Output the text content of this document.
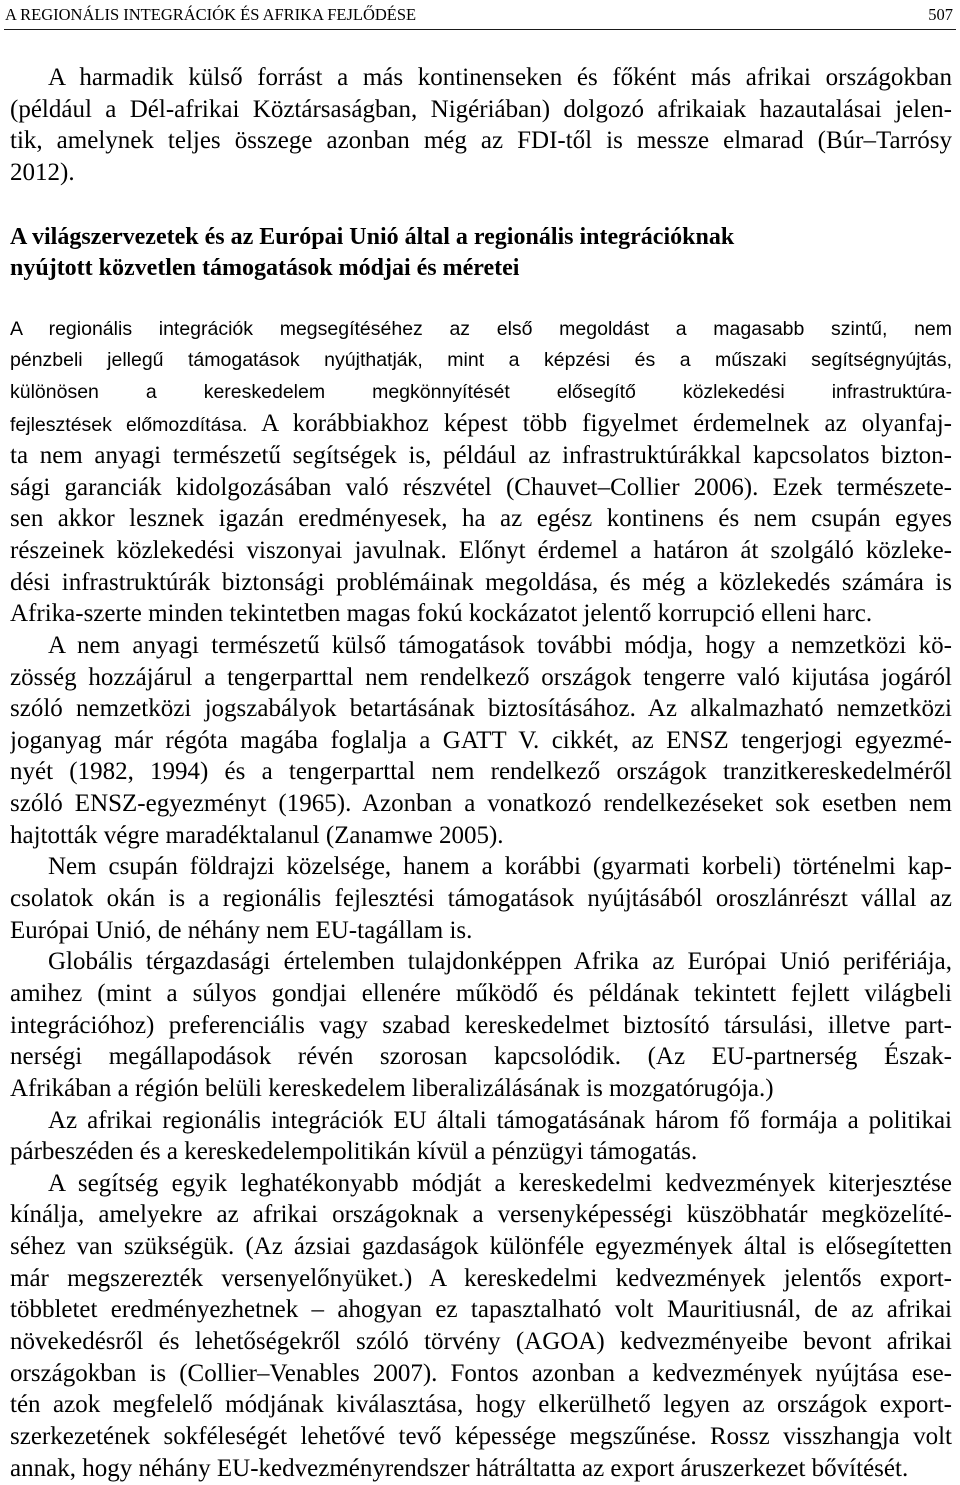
A REGIONÁLIS INTEGRÁCIÓK ÉS AFRIKA FEJLŐDÉSE	507
A harmadik külső forrást a más kontinenseken és főként más afrikai országokban
(például a Dél-afrikai Köztársaságban, Nigériában) dolgozó afrikaiak hazautalásai jelen-
tik, amelynek teljes összege azonban még az FDI-től is messze elmarad (Búr–Tarrósy
2012).
A világszervezetek és az Európai Unió által a regionális integrációknak
nyújtott közvetlen támogatások módjai és méretei
A regionális integrációk megsegítéséhez az első megoldást a magasabb szintű, nem
pénzbeli jellegű támogatások nyújthatják, mint a képzési és a műszaki segítségnyújtás,
különösen a kereskedelem megkönnyítését elősegítő közlekedési infrastruktúra-
fejlesztések előmozdítása. A korábbiakhoz képest több figyelmet érdemelnek az olyanfaj-
ta nem anyagi természetű segítségek is, például az infrastruktúrákkal kapcsolatos bizton-
sági garanciák kidolgozásában való részvétel (Chauvet–Collier 2006). Ezek természete-
sen akkor lesznek igazán eredményesek, ha az egész kontinens és nem csupán egyes
részeinek közlekedési viszonyai javulnak. Előnyt érdemel a határon át szolgáló közleke-
dési infrastruktúrák biztonsági problémáinak megoldása, és még a közlekedés számára is
Afrika-szerte minden tekintetben magas fokú kockázatot jelentő korrupció elleni harc.
A nem anyagi természetű külső támogatások további módja, hogy a nemzetközi kö-
zösség hozzájárul a tengerparttal nem rendelkező országok tengerre való kijutása jogáról
szóló nemzetközi jogszabályok betartásának biztosításához. Az alkalmazható nemzetközi
joganyag már régóta magába foglalja a GATT V. cikkét, az ENSZ tengerjogi egyezmé-
nyét (1982, 1994) és a tengerparttal nem rendelkező országok tranzitkereskedelméről
szóló ENSZ-egyezményt (1965). Azonban a vonatkozó rendelkezéseket sok esetben nem
hajtották végre maradéktalanul (Zanamwe 2005).
Nem csupán földrajzi közelsége, hanem a korábbi (gyarmati korbeli) történelmi kap-
csolatok okán is a regionális fejlesztési támogatások nyújtásából oroszlánrészt vállal az
Európai Unió, de néhány nem EU-tagállam is.
Globális térgazdasági értelemben tulajdonképpen Afrika az Európai Unió perifériája,
amihez (mint a súlyos gondjai ellenére működő és példának tekintett fejlett világbeli
integrációhoz) preferenciális vagy szabad kereskedelmet biztosító társulási, illetve part-
nerségi megállapodások révén szorosan kapcsolódik. (Az EU-partnerség Észak-
Afrikában a régión belüli kereskedelem liberalizálásának is mozgatórugója.)
Az afrikai regionális integrációk EU általi támogatásának három fő formája a politikai
párbeszéden és a kereskedelempolitikán kívül a pénzügyi támogatás.
A segítség egyik leghatékonyabb módját a kereskedelmi kedvezmények kiterjesztése
kínálja, amelyekre az afrikai országoknak a versenyképességi küszöbhatár megközelíté-
séhez van szükségük. (Az ázsiai gazdaságok különféle egyezmények által is elősegítetten
már megszerezték versenyelőnyüket.) A kereskedelmi kedvezmények jelentős export-
többletet eredményezhetnek – ahogyan ez tapasztalható volt Mauritiusnál, de az afrikai
növekedésről és lehetőségekről szóló törvény (AGOA) kedvezményeibe bevont afrikai
országokban is (Collier–Venables 2007). Fontos azonban a kedvezmények nyújtása ese-
tén azok megfelelő módjának kiválasztása, hogy elkerülhető legyen az országok export-
szerkezetének sokféleségét lehetővé tevő képessége megszűnése. Rossz visszhangja volt
annak, hogy néhány EU-kedvezményrendszer hátráltatta az export áruszerkezet bővítését.
